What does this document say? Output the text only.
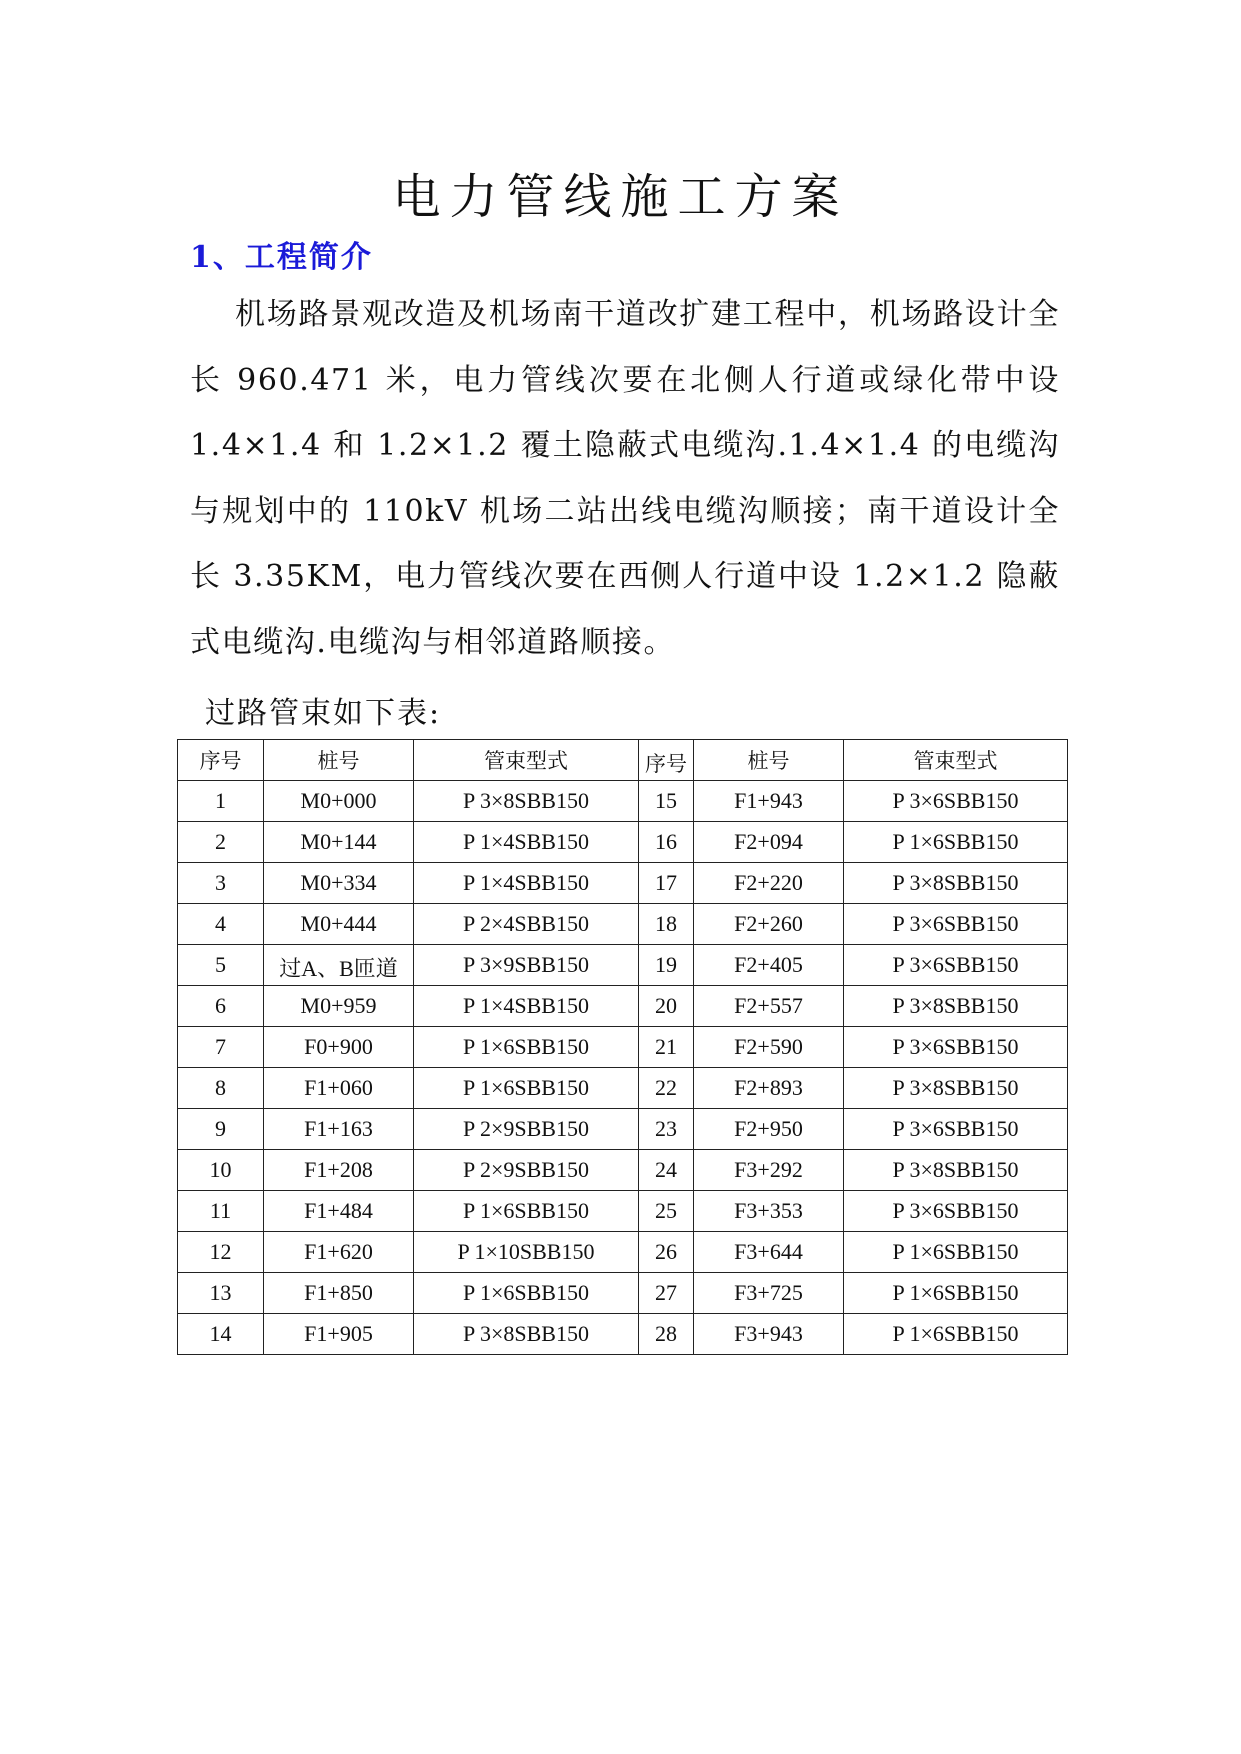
电力管线施工方案
1、工程简介

机场路景观改造及机场南干道改扩建工程中，机场路设计全长 960.471 米，电力管线次要在北侧人行道或绿化带中设 1.4×1.4 和 1.2×1.2 覆土隐蔽式电缆沟.1.4×1.4 的电缆沟与规划中的 110kV 机场二站出线电缆沟顺接；南干道设计全长 3.35KM，电力管线次要在西侧人行道中设 1.2×1.2 隐蔽式电缆沟.电缆沟与相邻道路顺接。

过路管束如下表:

序号	桩号	管束型式	序号	桩号	管束型式
1	M0+000	P 3×8SBB150	15	F1+943	P 3×6SBB150
2	M0+144	P 1×4SBB150	16	F2+094	P 1×6SBB150
3	M0+334	P 1×4SBB150	17	F2+220	P 3×8SBB150
4	M0+444	P 2×4SBB150	18	F2+260	P 3×6SBB150
5	过A、B匝道	P 3×9SBB150	19	F2+405	P 3×6SBB150
6	M0+959	P 1×4SBB150	20	F2+557	P 3×8SBB150
7	F0+900	P 1×6SBB150	21	F2+590	P 3×6SBB150
8	F1+060	P 1×6SBB150	22	F2+893	P 3×8SBB150
9	F1+163	P 2×9SBB150	23	F2+950	P 3×6SBB150
10	F1+208	P 2×9SBB150	24	F3+292	P 3×8SBB150
11	F1+484	P 1×6SBB150	25	F3+353	P 3×6SBB150
12	F1+620	P 1×10SBB150	26	F3+644	P 1×6SBB150
13	F1+850	P 1×6SBB150	27	F3+725	P 1×6SBB150
14	F1+905	P 3×8SBB150	28	F3+943	P 1×6SBB150
